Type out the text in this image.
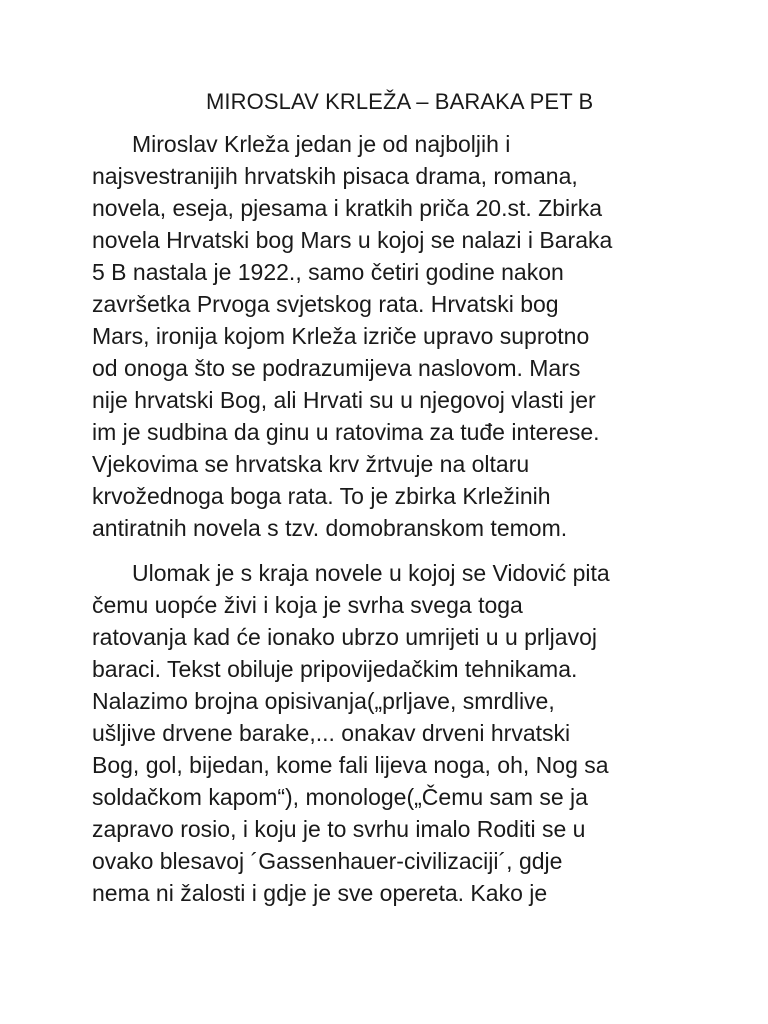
MIROSLAV KRLEŽA – BARAKA PET B

Miroslav Krleža jedan je od najboljih i
najsvestranijih hrvatskih pisaca drama, romana,
novela, eseja, pjesama i kratkih priča 20.st. Zbirka
novela Hrvatski bog Mars u kojoj se nalazi i Baraka
5 B nastala je 1922., samo četiri godine nakon
završetka Prvoga svjetskog rata. Hrvatski bog
Mars, ironija kojom Krleža izriče upravo suprotno
od onoga što se podrazumijeva naslovom. Mars
nije hrvatski Bog, ali Hrvati su u njegovoj vlasti jer
im je sudbina da ginu u ratovima za tuđe interese.
Vjekovima se hrvatska krv žrtvuje na oltaru
krvožednoga boga rata. To je zbirka Krležinih
antiratnih novela s tzv. domobranskom temom.

Ulomak je s kraja novele u kojoj se Vidović pita
čemu uopće živi i koja je svrha svega toga
ratovanja kad će ionako ubrzo umrijeti u u prljavoj
baraci. Tekst obiluje pripovijedačkim tehnikama.
Nalazimo brojna opisivanja(„prljave, smrdlive,
ušljive drvene barake,... onakav drveni hrvatski
Bog, gol, bijedan, kome fali lijeva noga, oh, Nog sa
soldačkom kapom“), monologe(„Čemu sam se ja
zapravo rosio, i koju je to svrhu imalo Roditi se u
ovako blesavoj ´Gassenhauer-civilizaciji´, gdje
nema ni žalosti i gdje je sve opereta. Kako je
